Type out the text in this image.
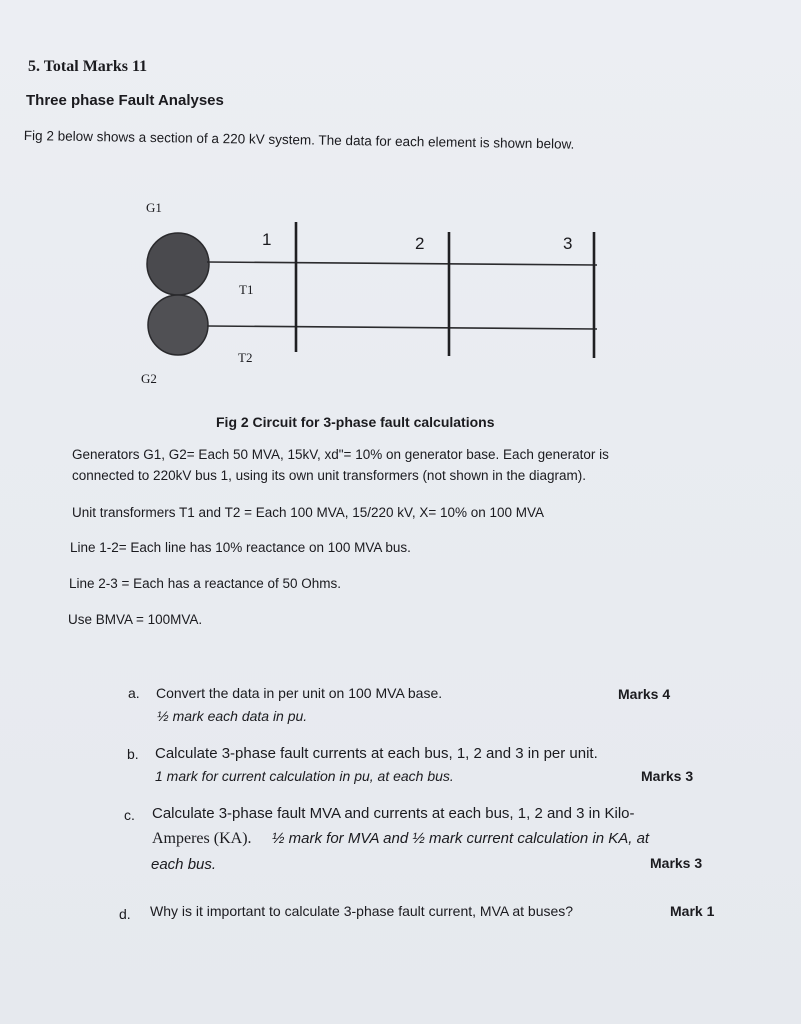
5. Total Marks 11
Three phase Fault Analyses
Fig 2 below shows a section of a 220 kV system. The data for each element is shown below.
G1
G2
T1
T2
1	2	3
Fig 2 Circuit for 3-phase fault calculations
Generators G1, G2= Each 50 MVA, 15kV, xd"= 10% on generator base. Each generator is
connected to 220kV bus 1, using its own unit transformers (not shown in the diagram).
Unit transformers T1 and T2 = Each 100 MVA, 15/220 kV, X= 10% on 100 MVA
Line 1-2= Each line has 10% reactance on 100 MVA bus.
Line 2-3 = Each has a reactance of 50 Ohms.
Use BMVA = 100MVA.
a. Convert the data in per unit on 100 MVA base.	Marks 4
½ mark each data in pu.
b. Calculate 3-phase fault currents at each bus, 1, 2 and 3 in per unit.
1 mark for current calculation in pu, at each bus.	Marks 3
c. Calculate 3-phase fault MVA and currents at each bus, 1, 2 and 3 in Kilo-
Amperes (KA). ½ mark for MVA and ½ mark current calculation in KA, at
each bus.	Marks 3
d. Why is it important to calculate 3-phase fault current, MVA at buses?	Mark 1
